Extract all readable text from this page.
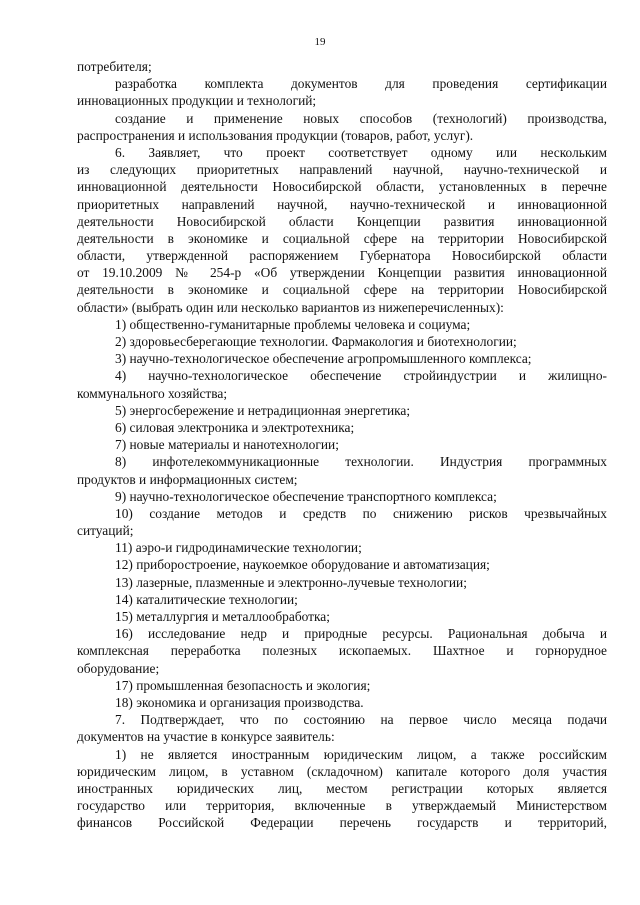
19
потребителя;
разработка комплекта документов для проведения сертификации
инновационных продукции и технологий;
создание и применение новых способов (технологий) производства,
распространения и использования продукции (товаров, работ, услуг).
6. Заявляет, что проект соответствует одному или нескольким
из следующих приоритетных направлений научной, научно-технической и
инновационной деятельности Новосибирской области, установленных в перечне
приоритетных направлений научной, научно-технической и инновационной
деятельности Новосибирской области Концепции развития инновационной
деятельности в экономике и социальной сфере на территории Новосибирской
области, утвержденной распоряжением Губернатора Новосибирской области
от 19.10.2009 № 254-р «Об утверждении Концепции развития инновационной
деятельности в экономике и социальной сфере на территории Новосибирской
области» (выбрать один или несколько вариантов из нижеперечисленных):
1) общественно-гуманитарные проблемы человека и социума;
2) здоровьесберегающие технологии. Фармакология и биотехнологии;
3) научно-технологическое обеспечение агропромышленного комплекса;
4) научно-технологическое обеспечение стройиндустрии и жилищно-
коммунального хозяйства;
5) энергосбережение и нетрадиционная энергетика;
6) силовая электроника и электротехника;
7) новые материалы и нанотехнологии;
8) инфотелекоммуникационные технологии. Индустрия программных
продуктов и информационных систем;
9) научно-технологическое обеспечение транспортного комплекса;
10) создание методов и средств по снижению рисков чрезвычайных
ситуаций;
11) аэро-и гидродинамические технологии;
12) приборостроение, наукоемкое оборудование и автоматизация;
13) лазерные, плазменные и электронно-лучевые технологии;
14) каталитические технологии;
15) металлургия и металлообработка;
16) исследование недр и природные ресурсы. Рациональная добыча и
комплексная переработка полезных ископаемых. Шахтное и горнорудное
оборудование;
17) промышленная безопасность и экология;
18) экономика и организация производства.
7. Подтверждает, что по состоянию на первое число месяца подачи
документов на участие в конкурсе заявитель:
1) не является иностранным юридическим лицом, а также российским
юридическим лицом, в уставном (складочном) капитале которого доля участия
иностранных юридических лиц, местом регистрации которых является
государство или территория, включенные в утверждаемый Министерством
финансов Российской Федерации перечень государств и территорий,
